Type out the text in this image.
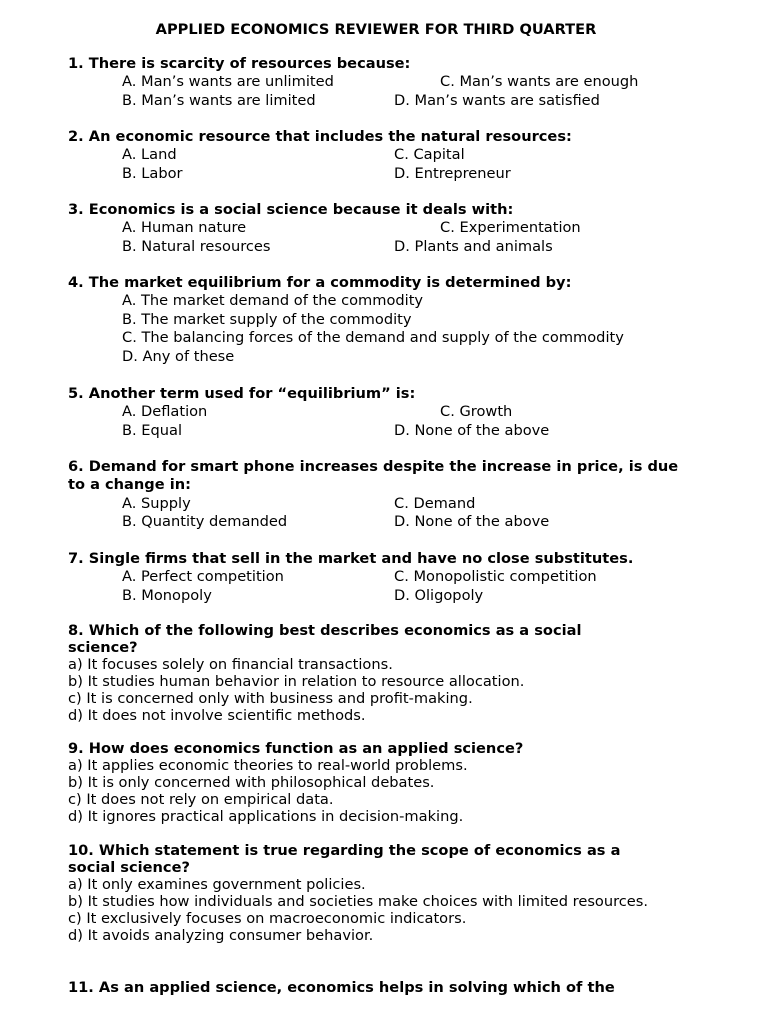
APPLIED ECONOMICS REVIEWER FOR THIRD QUARTER
1. There is scarcity of resources because:
A. Man’s wants are unlimited	C. Man’s wants are enough
B. Man’s wants are limited	D. Man’s wants are satisfied
2. An economic resource that includes the natural resources:
A. Land	C. Capital
B. Labor	D. Entrepreneur
3. Economics is a social science because it deals with:
A. Human nature	C. Experimentation
B. Natural resources	D. Plants and animals
4. The market equilibrium for a commodity is determined by:
A. The market demand of the commodity
B. The market supply of the commodity
C. The balancing forces of the demand and supply of the commodity
D. Any of these
5. Another term used for “equilibrium” is:
A. Deflation	C. Growth
B. Equal	D. None of the above
6. Demand for smart phone increases despite the increase in price, is due to a change in:
A. Supply	C. Demand
B. Quantity demanded	D. None of the above
7. Single firms that sell in the market and have no close substitutes.
A. Perfect competition	C. Monopolistic competition
B. Monopoly	D. Oligopoly
8. Which of the following best describes economics as a social science?
a) It focuses solely on financial transactions.
b) It studies human behavior in relation to resource allocation.
c) It is concerned only with business and profit-making.
d) It does not involve scientific methods.
9. How does economics function as an applied science?
a) It applies economic theories to real-world problems.
b) It is only concerned with philosophical debates.
c) It does not rely on empirical data.
d) It ignores practical applications in decision-making.
10. Which statement is true regarding the scope of economics as a social science?
a) It only examines government policies.
b) It studies how individuals and societies make choices with limited resources.
c) It exclusively focuses on macroeconomic indicators.
d) It avoids analyzing consumer behavior.
11. As an applied science, economics helps in solving which of the
